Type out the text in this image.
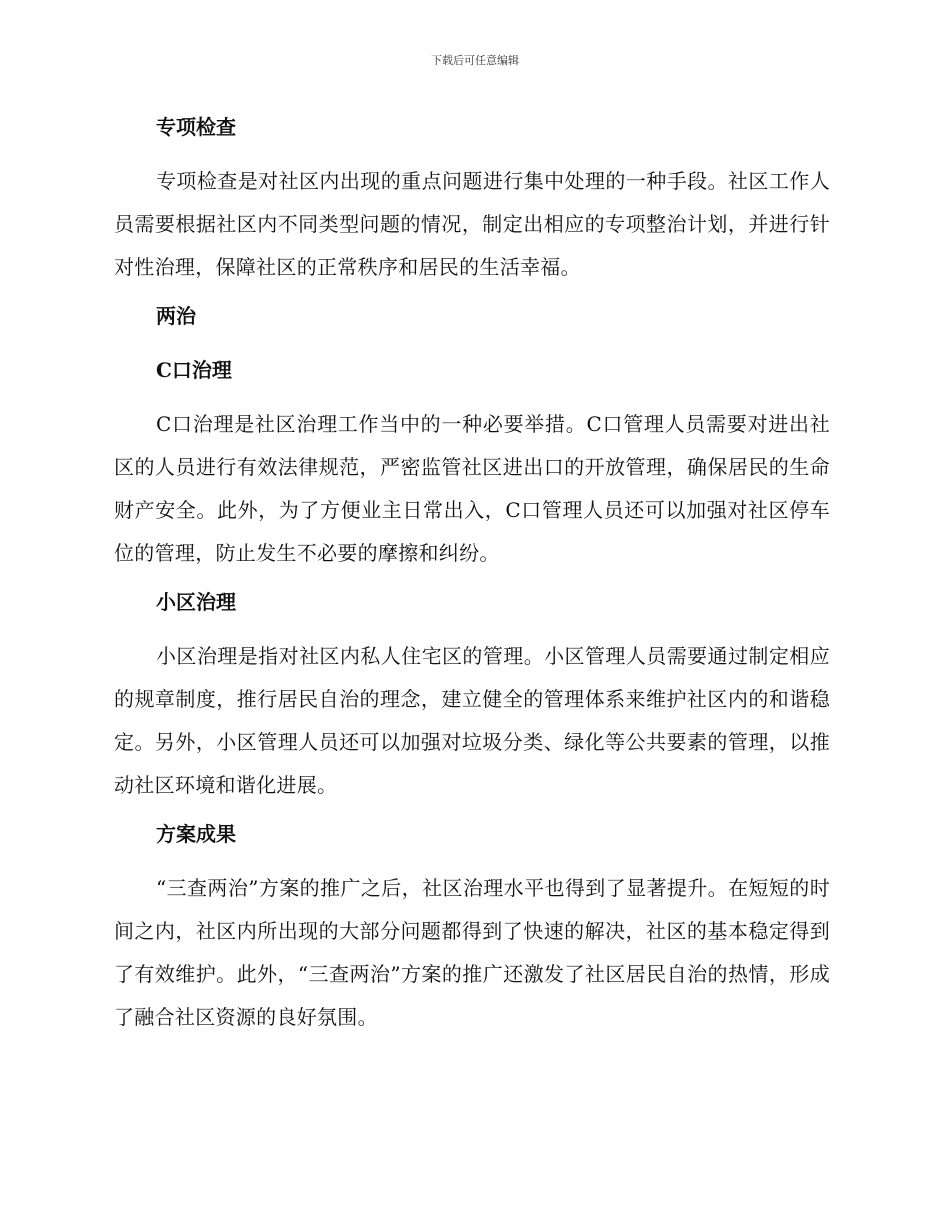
下载后可任意编辑
专项检查

专项检查是对社区内出现的重点问题进行集中处理的一种手段。社区工作人员需要根据社区内不同类型问题的情况，制定出相应的专项整治计划，并进行针对性治理，保障社区的正常秩序和居民的生活幸福。

两治
C口治理

C口治理是社区治理工作当中的一种必要举措。C口管理人员需要对进出社区的人员进行有效法律规范，严密监管社区进出口的开放管理，确保居民的生命财产安全。此外，为了方便业主日常出入，C口管理人员还可以加强对社区停车位的管理，防止发生不必要的摩擦和纠纷。

小区治理

小区治理是指对社区内私人住宅区的管理。小区管理人员需要通过制定相应的规章制度，推行居民自治的理念，建立健全的管理体系来维护社区内的和谐稳定。另外，小区管理人员还可以加强对垃圾分类、绿化等公共要素的管理，以推动社区环境和谐化进展。

方案成果

“三查两治”方案的推广之后，社区治理水平也得到了显著提升。在短短的时间之内，社区内所出现的大部分问题都得到了快速的解决，社区的基本稳定得到了有效维护。此外，“三查两治”方案的推广还激发了社区居民自治的热情，形成了融合社区资源的良好氛围。
